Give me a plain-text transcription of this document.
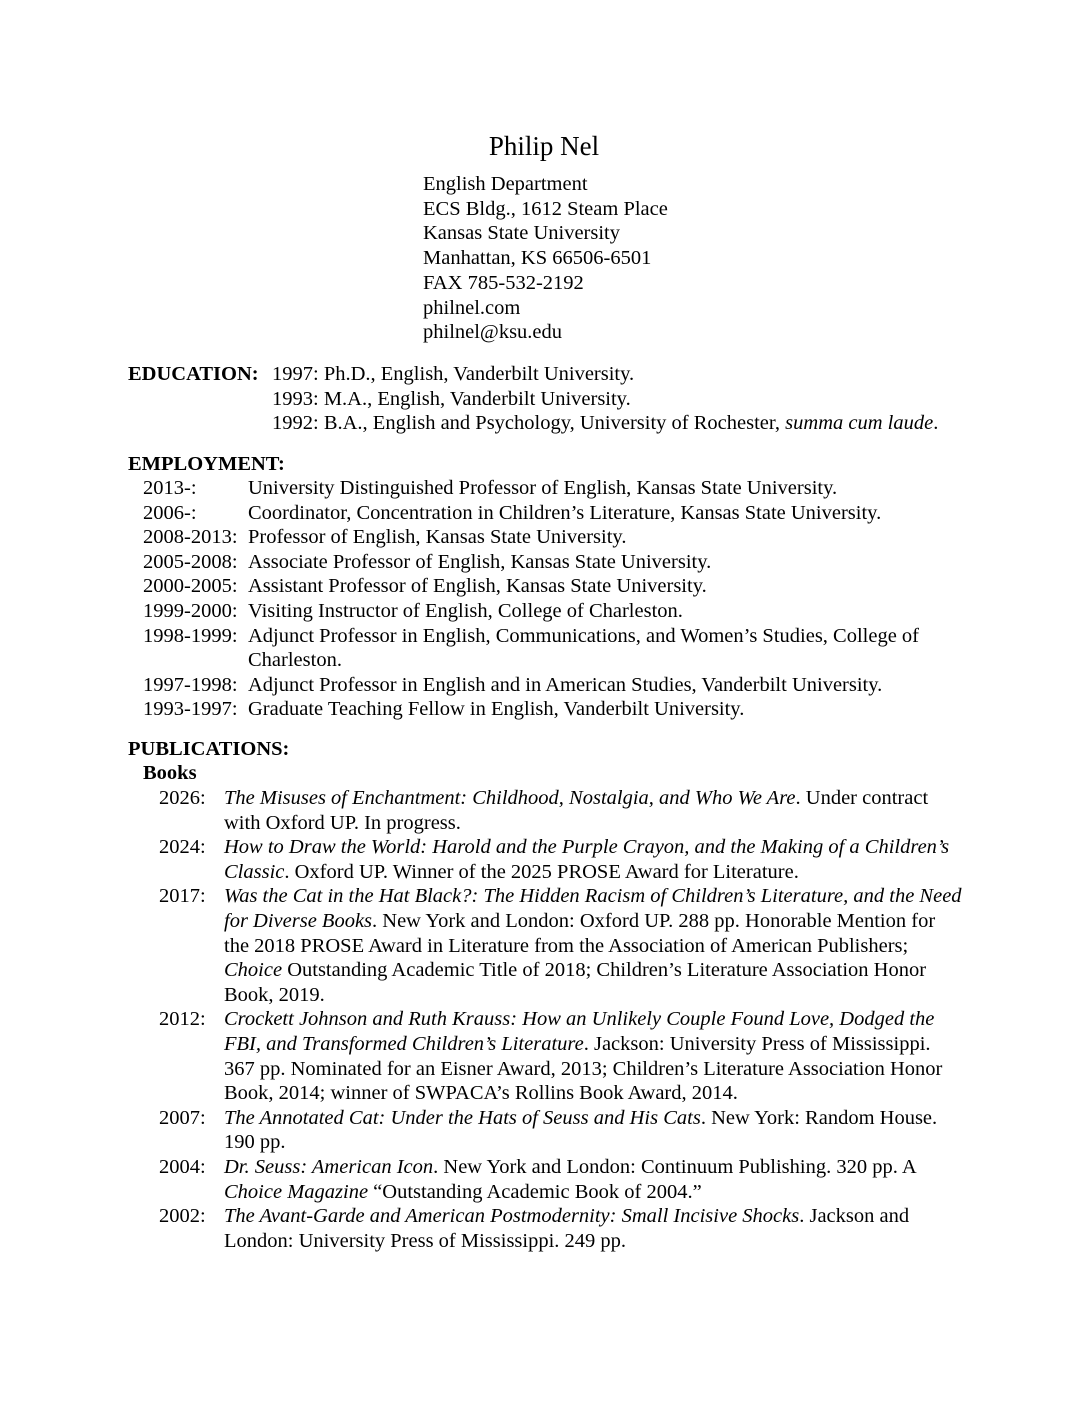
Philip Nel
English Department
ECS Bldg., 1612 Steam Place
Kansas State University
Manhattan, KS 66506-6501
FAX 785-532-2192
philnel.com
philnel@ksu.edu
EDUCATION: 1997: Ph.D., English, Vanderbilt University.
1993: M.A., English, Vanderbilt University.
1992: B.A., English and Psychology, University of Rochester, summa cum laude.
EMPLOYMENT:
2013-:	University Distinguished Professor of English, Kansas State University.
2006-:	Coordinator, Concentration in Children’s Literature, Kansas State University.
2008-2013: Professor of English, Kansas State University.
2005-2008: Associate Professor of English, Kansas State University.
2000-2005: Assistant Professor of English, Kansas State University.
1999-2000: Visiting Instructor of English, College of Charleston.
1998-1999: Adjunct Professor in English, Communications, and Women’s Studies, College of Charleston.
1997-1998: Adjunct Professor in English and in American Studies, Vanderbilt University.
1993-1997: Graduate Teaching Fellow in English, Vanderbilt University.
PUBLICATIONS:
Books
2026: The Misuses of Enchantment: Childhood, Nostalgia, and Who We Are. Under contract with Oxford UP. In progress.
2024: How to Draw the World: Harold and the Purple Crayon, and the Making of a Children’s Classic. Oxford UP. Winner of the 2025 PROSE Award for Literature.
2017: Was the Cat in the Hat Black?: The Hidden Racism of Children’s Literature, and the Need for Diverse Books. New York and London: Oxford UP. 288 pp. Honorable Mention for the 2018 PROSE Award in Literature from the Association of American Publishers; Choice Outstanding Academic Title of 2018; Children’s Literature Association Honor Book, 2019.
2012: Crockett Johnson and Ruth Krauss: How an Unlikely Couple Found Love, Dodged the FBI, and Transformed Children’s Literature. Jackson: University Press of Mississippi. 367 pp. Nominated for an Eisner Award, 2013; Children’s Literature Association Honor Book, 2014; winner of SWPACA’s Rollins Book Award, 2014.
2007: The Annotated Cat: Under the Hats of Seuss and His Cats. New York: Random House. 190 pp.
2004: Dr. Seuss: American Icon. New York and London: Continuum Publishing. 320 pp. A Choice Magazine “Outstanding Academic Book of 2004.”
2002: The Avant-Garde and American Postmodernity: Small Incisive Shocks. Jackson and London: University Press of Mississippi. 249 pp.
